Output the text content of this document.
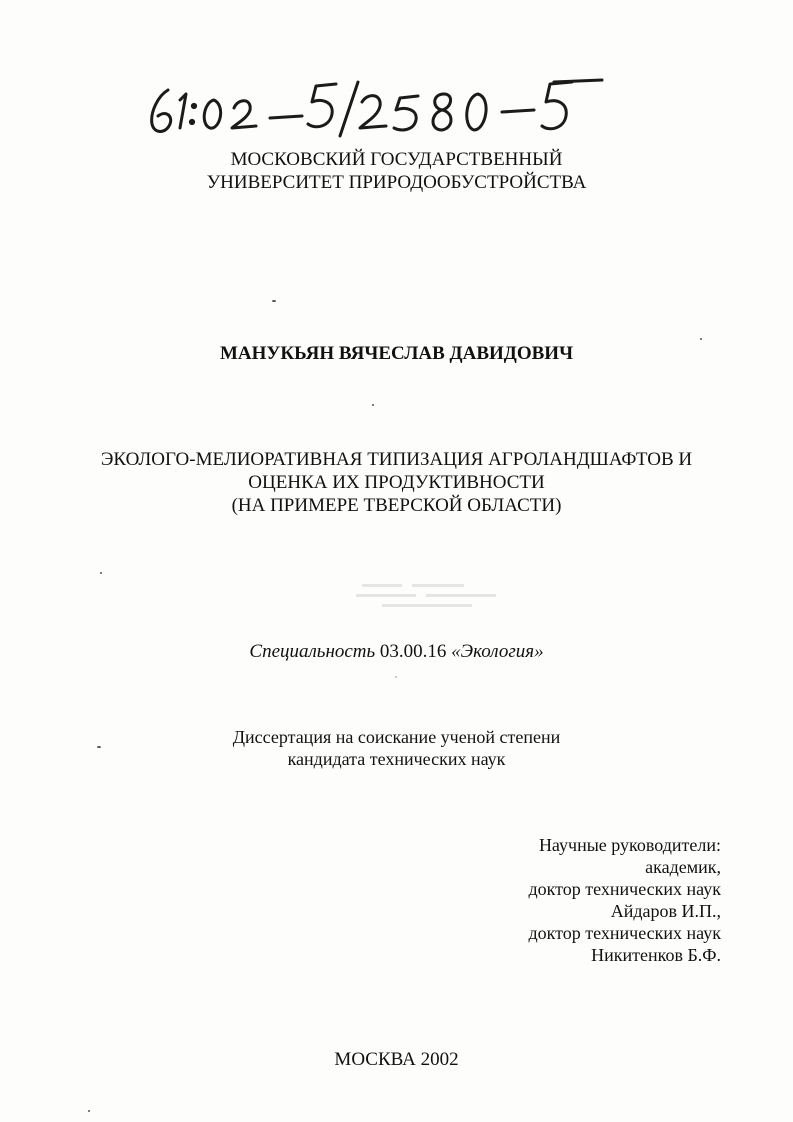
МОСКОВСКИЙ ГОСУДАРСТВЕННЫЙ
УНИВЕРСИТЕТ ПРИРОДООБУСТРОЙСТВА
МАНУКЬЯН ВЯЧЕСЛАВ ДАВИДОВИЧ
ЭКОЛОГО-МЕЛИОРАТИВНАЯ ТИПИЗАЦИЯ АГРОЛАНДШАФТОВ И
ОЦЕНКА ИХ ПРОДУКТИВНОСТИ
(НА ПРИМЕРЕ ТВЕРСКОЙ ОБЛАСТИ)
Специальность 03.00.16 «Экология»
Диссертация на соискание ученой степени
кандидата технических наук
Научные руководители:
академик,
доктор технических наук
Айдаров И.П.,
доктор технических наук
Никитенков Б.Ф.
МОСКВА 2002
